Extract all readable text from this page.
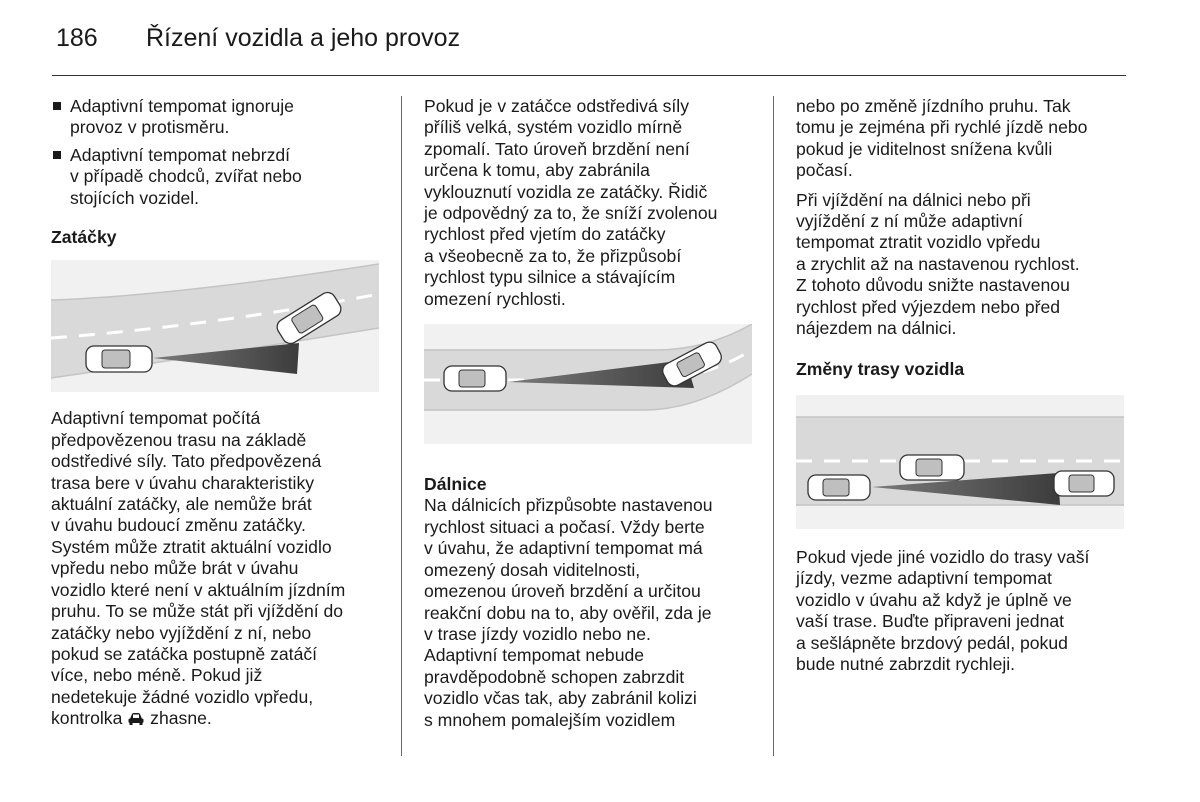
186 Řízení vozidla a jeho provoz

Adaptivní tempomat ignoruje

provoz v protisměru.

Adaptivní tempomat nebrzdí

v případě chodců, zvířat nebo

stojících vozidel.

Zatáčky

Adaptivní tempomat počítá

předpovězenou trasu na základě

odstředivé síly. Tato předpovězená

trasa bere v úvahu charakteristiky

aktuální zatáčky, ale nemůže brát

v úvahu budoucí změnu zatáčky.

Systém může ztratit aktuální vozidlo

vpředu nebo může brát v úvahu

vozidlo které není v aktuálním jízdním

pruhu. To se může stát při vjíždění do

zatáčky nebo vyjíždění z ní, nebo

pokud se zatáčka postupně zatáčí

více, nebo méně. Pokud již

nedetekuje žádné vozidlo vpředu,

kontrolka zhasne.

Pokud je v zatáčce odstředivá síly

příliš velká, systém vozidlo mírně

zpomalí. Tato úroveň brzdění není

určena k tomu, aby zabránila

vyklouznutí vozidla ze zatáčky. Řidič

je odpovědný za to, že sníží zvolenou

rychlost před vjetím do zatáčky

a všeobecně za to, že přizpůsobí

rychlost typu silnice a stávajícím

omezení rychlosti.

Dálnice

Na dálnicích přizpůsobte nastavenou

rychlost situaci a počasí. Vždy berte

v úvahu, že adaptivní tempomat má

omezený dosah viditelnosti,

omezenou úroveň brzdění a určitou

reakční dobu na to, aby ověřil, zda je

v trase jízdy vozidlo nebo ne.

Adaptivní tempomat nebude

pravděpodobně schopen zabrzdit

vozidlo včas tak, aby zabránil kolizi

s mnohem pomalejším vozidlem

nebo po změně jízdního pruhu. Tak

tomu je zejména při rychlé jízdě nebo

pokud je viditelnost snížena kvůli

počasí.

Při vjíždění na dálnici nebo při

vyjíždění z ní může adaptivní

tempomat ztratit vozidlo vpředu

a zrychlit až na nastavenou rychlost.

Z tohoto důvodu snižte nastavenou

rychlost před výjezdem nebo před

nájezdem na dálnici.

Změny trasy vozidla

Pokud vjede jiné vozidlo do trasy vaší

jízdy, vezme adaptivní tempomat

vozidlo v úvahu až když je úplně ve

vaší trase. Buďte připraveni jednat

a sešlápněte brzdový pedál, pokud

bude nutné zabrzdit rychleji.
